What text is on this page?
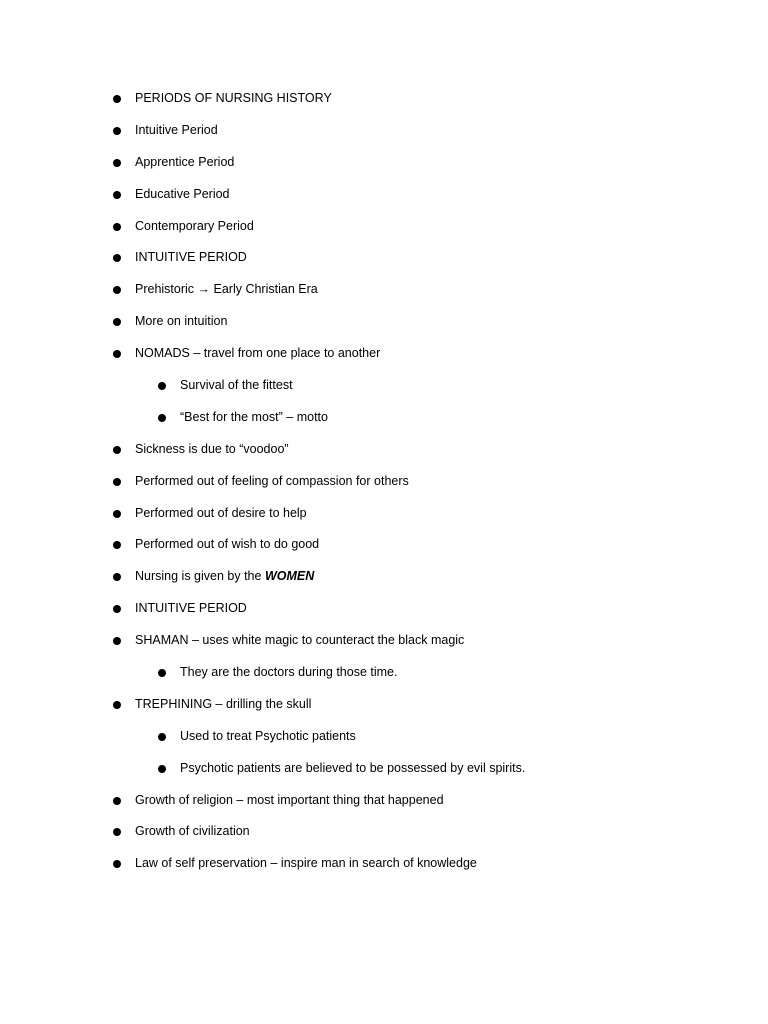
PERIODS OF NURSING HISTORY
Intuitive Period
Apprentice Period
Educative Period
Contemporary Period
INTUITIVE PERIOD
Prehistoric → Early Christian Era
More on intuition
NOMADS – travel from one place to another
Survival of the fittest
“Best for the most” – motto
Sickness is due to “voodoo”
Performed out of feeling of compassion for others
Performed out of desire to help
Performed out of wish to do good
Nursing is given by the WOMEN
INTUITIVE PERIOD
SHAMAN – uses white magic to counteract the black magic
They are the doctors during those time.
TREPHINING – drilling the skull
Used to treat Psychotic patients
Psychotic patients are believed to be possessed by evil spirits.
Growth of religion – most important thing that happened
Growth of civilization
Law of self preservation – inspire man in search of knowledge
